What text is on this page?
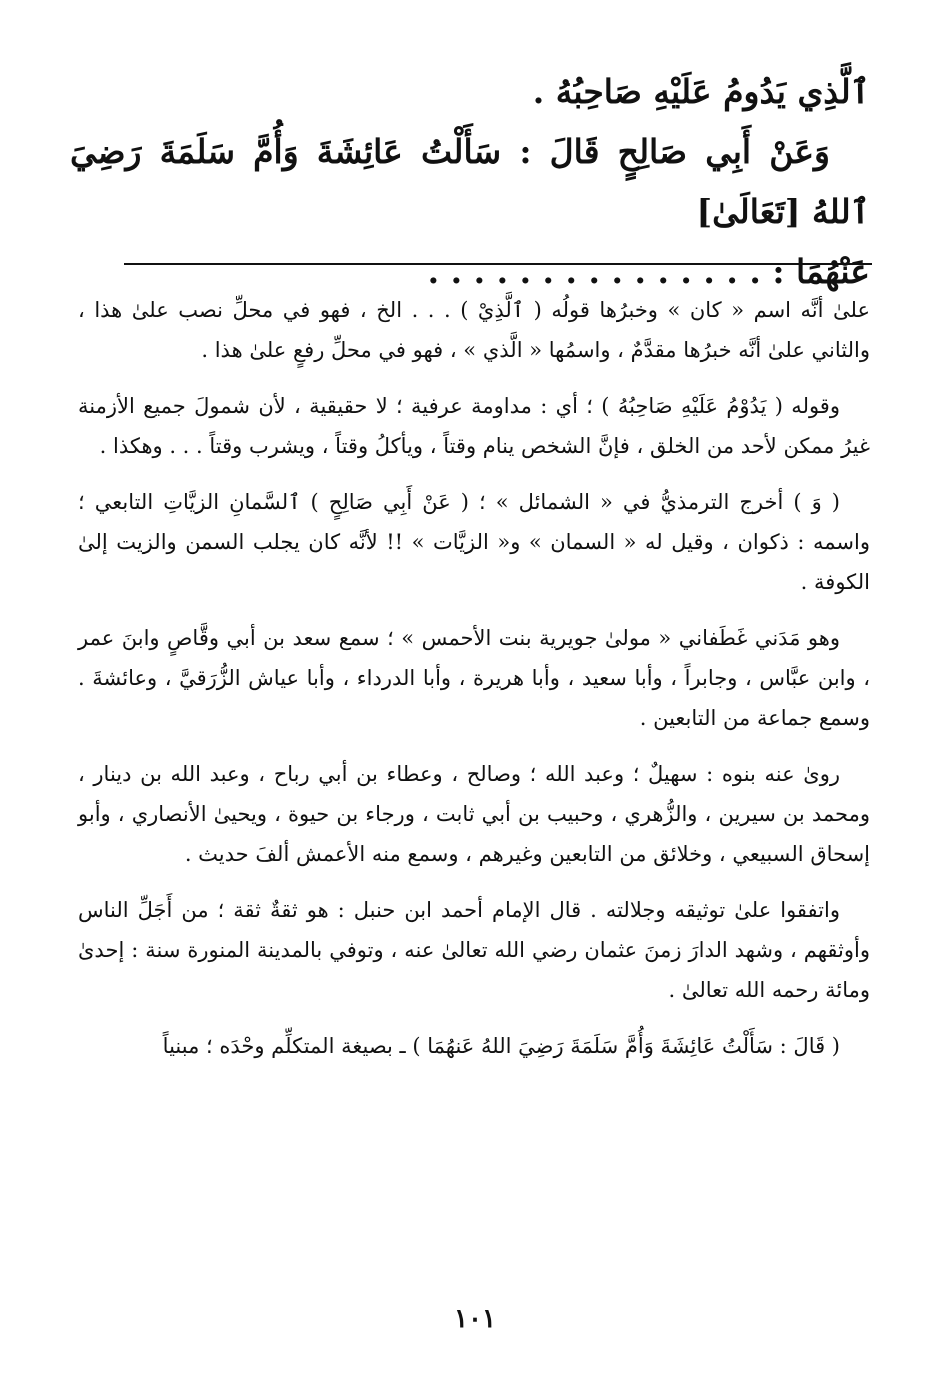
ٱلَّذِي يَدُومُ عَلَيْهِ صَاحِبُهُ .

وَعَنْ أَبِي صَالِحٍ قَالَ : سَأَلْتُ عَائِشَةَ وَأُمَّ سَلَمَةَ رَضِيَ ٱللهُ [تَعَالَىٰ]

عَنْهُمَا : . . . . . . . . . . . . . . .

علىٰ أنَّه اسم « كان » وخبرُها قولُه ( ٱلَّذِيْ ) . . . الخ ، فهو في محلِّ نصب علىٰ هذا ، والثاني علىٰ أنَّه خبرُها مقدَّمٌ ، واسمُها « الَّذي » ، فهو في محلِّ رفعٍ علىٰ هذا .

وقوله ( يَدُوْمُ عَلَيْهِ صَاحِبُهُ ) ؛ أي : مداومة عرفية ؛ لا حقيقية ، لأن شمولَ جميع الأزمنة غيرُ ممكن لأحد من الخلق ، فإنَّ الشخص ينام وقتاً ، ويأكلُ وقتاً ، ويشرب وقتاً . . . وهكذا .

( وَ ) أخرج الترمذيُّ في « الشمائل » ؛ ( عَنْ أَبِي صَالِحٍ ) ٱلسَّمانِ الزيَّاتِ التابعي ؛ واسمه : ذكوان ، وقيل له « السمان » و« الزيَّات » !! لأنَّه كان يجلب السمن والزيت إلىٰ الكوفة .

وهو مَدَني غَطَفاني « مولىٰ جويرية بنت الأحمس » ؛ سمع سعد بن أبي وقَّاصٍ وابنَ عمر ، وابن عبَّاس ، وجابراً ، وأبا سعيد ، وأبا هريرة ، وأبا الدرداء ، وأبا عياش الزُّرَقيَّ ، وعائشةَ . وسمع جماعة من التابعين .

روىٰ عنه بنوه : سهيلٌ ؛ وعبد الله ؛ وصالح ، وعطاء بن أبي رباح ، وعبد الله بن دينار ، ومحمد بن سيرين ، والزُّهري ، وحبيب بن أبي ثابت ، ورجاء بن حيوة ، ويحيىٰ الأنصاري ، وأبو إسحاق السبيعي ، وخلائق من التابعين وغيرهم ، وسمع منه الأعمش ألفَ حديث .

واتفقوا علىٰ توثيقه وجلالته . قال الإمام أحمد ابن حنبل : هو ثقةٌ ثقة ؛ من أَجَلِّ الناس وأوثقهم ، وشهد الدارَ زمنَ عثمان رضي الله تعالىٰ عنه ، وتوفي بالمدينة المنورة سنة : إحدىٰ ومائة رحمه الله تعالىٰ .

( قَالَ : سَأَلْتُ عَائِشَةَ وَأُمَّ سَلَمَةَ رَضِيَ اللهُ عَنهُمَا ) ـ بصيغة المتكلِّم وحْدَه ؛ مبنياً

١٠١
